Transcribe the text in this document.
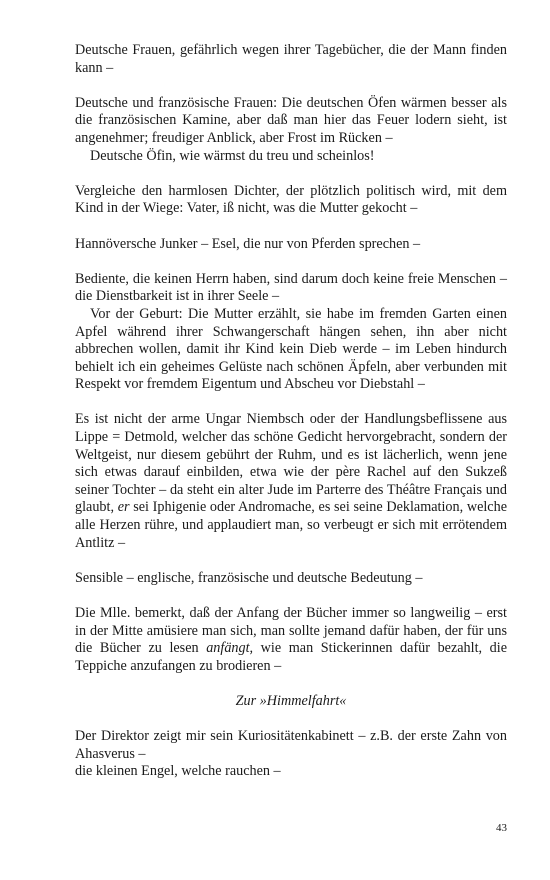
Deutsche Frauen, gefährlich wegen ihrer Tagebücher, die der Mann finden kann –

Deutsche und französische Frauen: Die deutschen Öfen wärmen besser als die französischen Kamine, aber daß man hier das Feuer lodern sieht, ist angenehmer; freudiger Anblick, aber Frost im Rücken –

Deutsche Öfin, wie wärmst du treu und scheinlos!

Vergleiche den harmlosen Dichter, der plötzlich politisch wird, mit dem Kind in der Wiege: Vater, iß nicht, was die Mutter gekocht –

Hannöversche Junker – Esel, die nur von Pferden sprechen –

Bediente, die keinen Herrn haben, sind darum doch keine freie Menschen – die Dienstbarkeit ist in ihrer Seele –

Vor der Geburt: Die Mutter erzählt, sie habe im fremden Garten einen Apfel während ihrer Schwangerschaft hängen sehen, ihn aber nicht abbrechen wollen, damit ihr Kind kein Dieb werde – im Leben hindurch behielt ich ein geheimes Gelüste nach schönen Äpfeln, aber verbunden mit Respekt vor fremdem Eigentum und Abscheu vor Diebstahl –

Es ist nicht der arme Ungar Niembsch oder der Handlungsbeflissene aus Lippe = Detmold, welcher das schöne Gedicht hervorgebracht, sondern der Weltgeist, nur diesem gebührt der Ruhm, und es ist lächerlich, wenn jene sich etwas darauf einbilden, etwa wie der père Rachel auf den Sukzeß seiner Tochter – da steht ein alter Jude im Parterre des Théâtre Français und glaubt, er sei Iphigenie oder Andromache, es sei seine Deklamation, welche alle Herzen rühre, und applaudiert man, so verbeugt er sich mit errötendem Antlitz –

Sensible – englische, französische und deutsche Bedeutung –

Die Mlle. bemerkt, daß der Anfang der Bücher immer so langweilig – erst in der Mitte amüsiere man sich, man sollte jemand dafür haben, der für uns die Bücher zu lesen anfängt, wie man Stickerinnen dafür bezahlt, die Teppiche anzufangen zu brodieren –

Zur »Himmelfahrt«

Der Direktor zeigt mir sein Kuriositätenkabinett – z.B. der erste Zahn von Ahasverus –

die kleinen Engel, welche rauchen –

43
